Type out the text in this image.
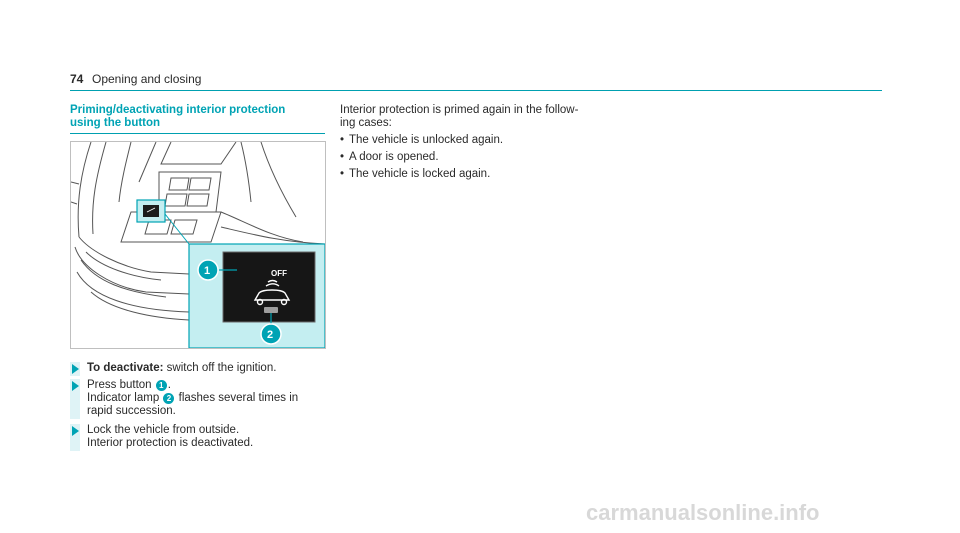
74 Opening and closing
Priming/deactivating interior protection
using the button
OFF
1
2
To deactivate: switch off the ignition.
Press button 1 .
Indicator lamp 2 flashes several times in
rapid succession.
Lock the vehicle from outside.
Interior protection is deactivated.
Interior protection is primed again in the follow-
ing cases:
• The vehicle is unlocked again.
• A door is opened.
• The vehicle is locked again.
carmanualsonline.info
